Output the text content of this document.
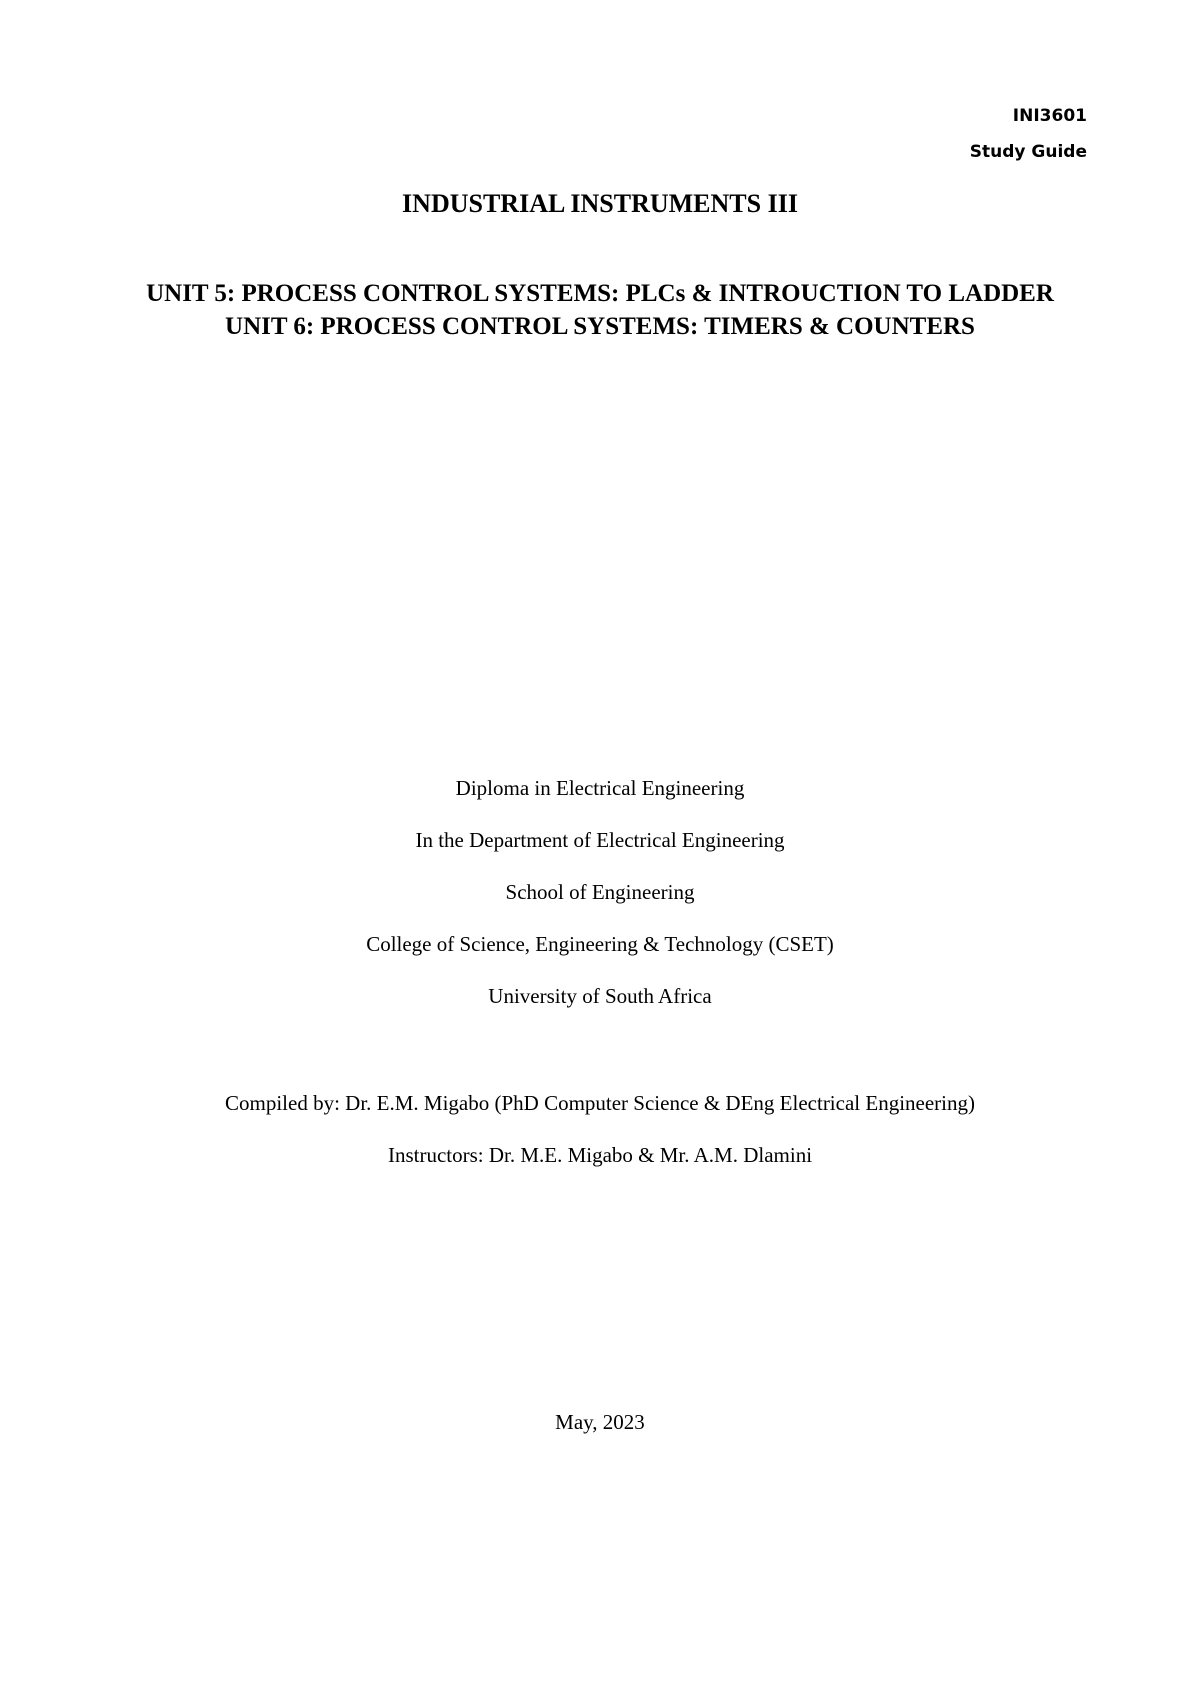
INI3601
Study Guide
INDUSTRIAL INSTRUMENTS III
UNIT 5: PROCESS CONTROL SYSTEMS: PLCs & INTROUCTION TO LADDER
UNIT 6: PROCESS CONTROL SYSTEMS: TIMERS & COUNTERS
Diploma in Electrical Engineering
In the Department of Electrical Engineering
School of Engineering
College of Science, Engineering & Technology (CSET)
University of South Africa
Compiled by: Dr. E.M. Migabo (PhD Computer Science & DEng Electrical Engineering)
Instructors: Dr. M.E. Migabo & Mr. A.M. Dlamini
May, 2023
